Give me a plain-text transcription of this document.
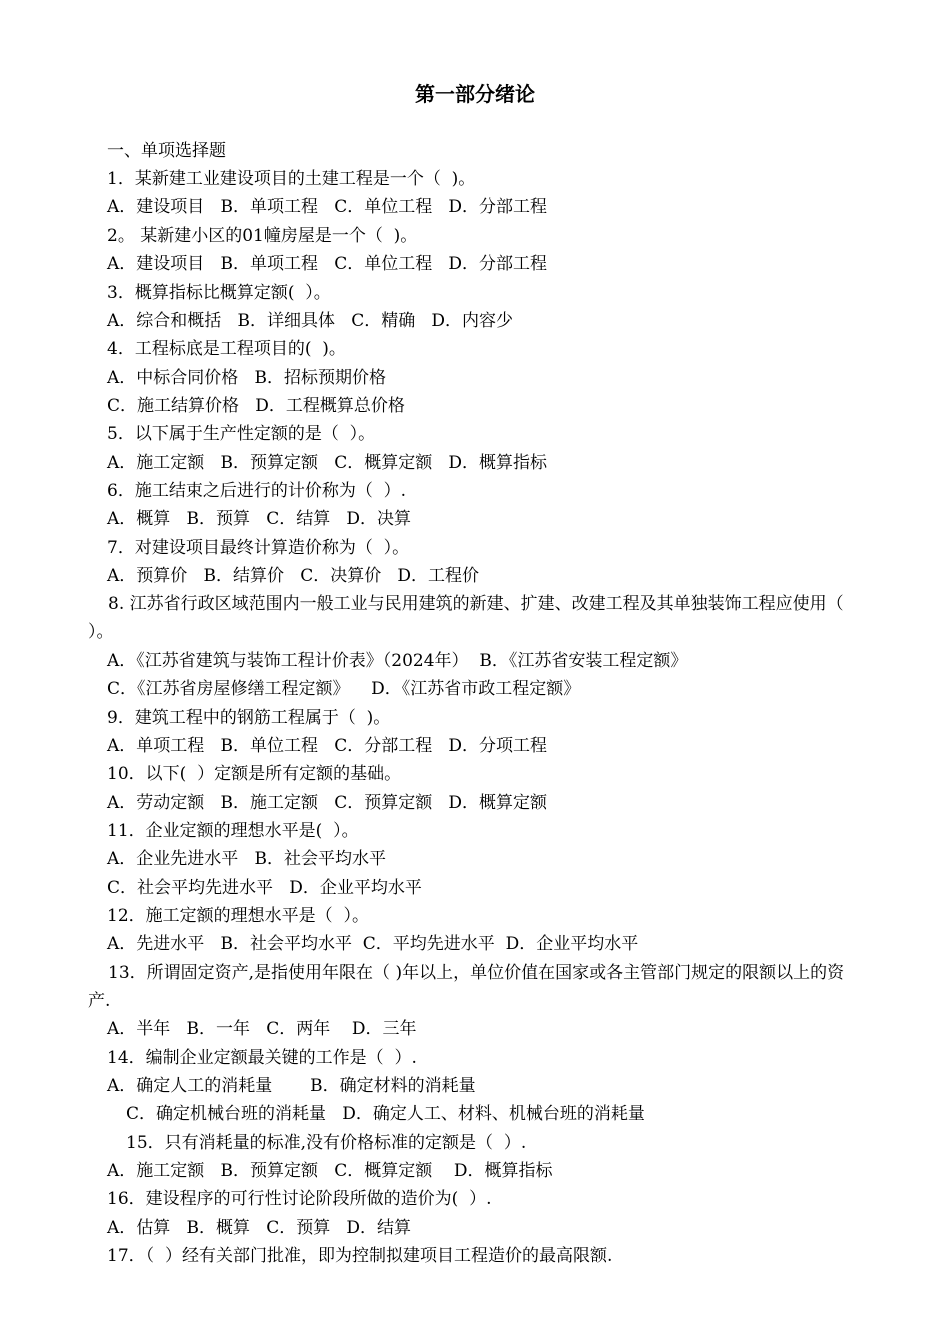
第一部分绪论
一、单项选择题
1．某新建工业建设项目的土建工程是一个（  )。
A．建设项目   B．单项工程   C．单位工程   D．分部工程
2。 某新建小区的01幢房屋是一个（  )。
A．建设项目   B．单项工程   C．单位工程   D．分部工程
3．概算指标比概算定额(  ）。
A．综合和概括   B．详细具体   C．精确   D．内容少
4．工程标底是工程项目的(  )。
A．中标合同价格   B．招标预期价格
C．施工结算价格   D．工程概算总价格
5．以下属于生产性定额的是（  ）。
A．施工定额   B．预算定额   C．概算定额   D．概算指标
6．施工结束之后进行的计价称为（  ）.
A．概算   B．预算   C．结算   D．决算
7．对建设项目最终计算造价称为（  ）。
A．预算价   B．结算价   C．决算价   D．工程价
8. 江苏省行政区域范围内一般工业与民用建筑的新建、扩建、改建工程及其单独装饰工程应使用（ ）。
A．《江苏省建筑与装饰工程计价表》（2024年）  B．《江苏省安装工程定额》
C．《江苏省房屋修缮工程定额》    D．《江苏省市政工程定额》
9．建筑工程中的钢筋工程属于（  )。
A．单项工程   B．单位工程   C．分部工程   D．分项工程
10．以下(  ）定额是所有定额的基础。
A．劳动定额   B．施工定额   C．预算定额   D．概算定额
11．企业定额的理想水平是(  ）。
A．企业先进水平   B．社会平均水平
C．社会平均先进水平   D．企业平均水平
12．施工定额的理想水平是（  ）。
A．先进水平   B．社会平均水平  C．平均先进水平  D．企业平均水平
13．所谓固定资产,是指使用年限在（ )年以上，单位价值在国家或各主管部门规定的限额以上的资产.
A．半年   B．一年   C．两年    D．三年
14．编制企业定额最关键的工作是（  ）.
A．确定人工的消耗量       B．确定材料的消耗量
C．确定机械台班的消耗量   D．确定人工、材料、机械台班的消耗量
15．只有消耗量的标准,没有价格标准的定额是（  ）.
A．施工定额   B．预算定额   C．概算定额    D．概算指标
16．建设程序的可行性讨论阶段所做的造价为(  ）.
A．估算   B．概算   C．预算   D．结算
17．（  ）经有关部门批准，即为控制拟建项目工程造价的最高限额.
